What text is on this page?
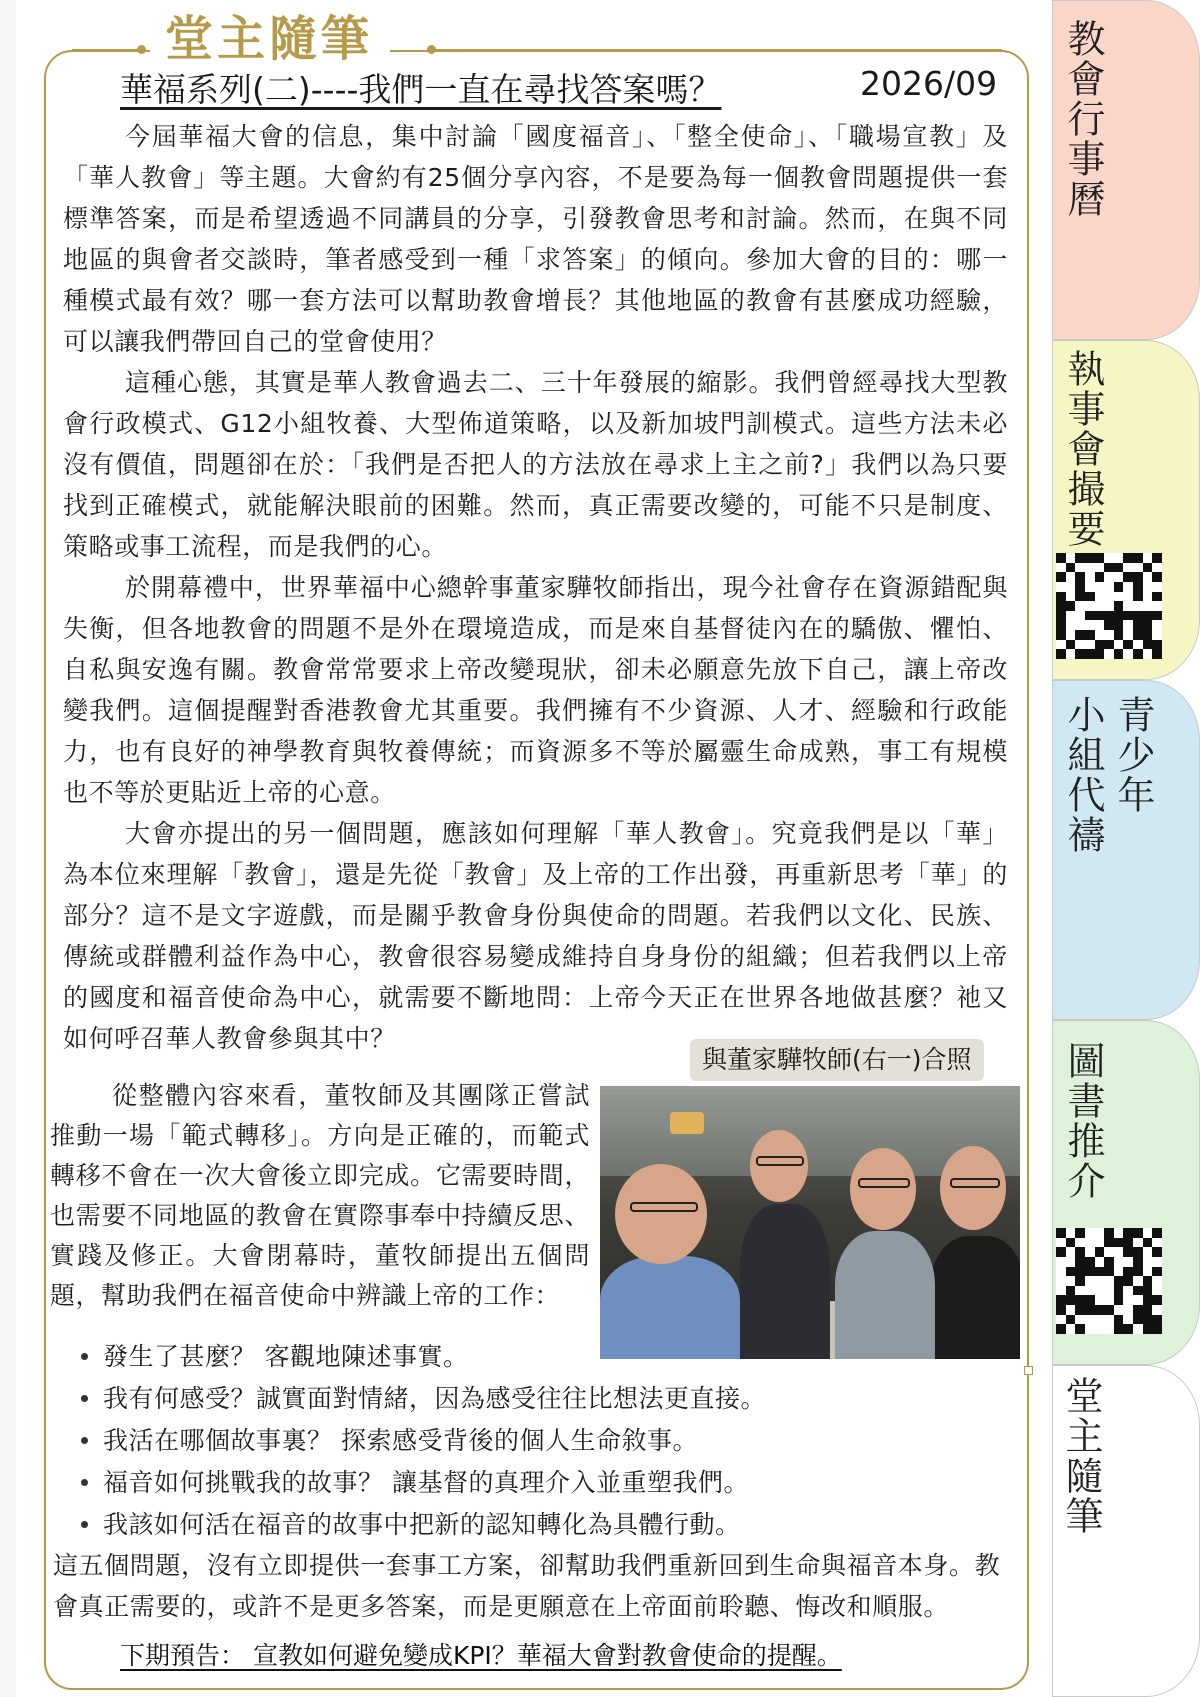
教會行事曆
執事會撮要
青少年
小組代禱
圖書推介
堂主隨筆
堂主隨筆
華福系列(二)----我們一直在尋找答案嗎？	2026/09

今屆華福大會的信息，集中討論「國度福音」、「整全使命」、「職場宣教」及「華人教會」等主題。大會約有25個分享內容，不是要為每一個教會問題提供一套標準答案，而是希望透過不同講員的分享，引發教會思考和討論。然而，在與不同地區的與會者交談時，筆者感受到一種「求答案」的傾向。參加大會的目的：哪一種模式最有效？哪一套方法可以幫助教會增長？其他地區的教會有甚麼成功經驗，可以讓我們帶回自己的堂會使用？

這種心態，其實是華人教會過去二、三十年發展的縮影。我們曾經尋找大型教會行政模式、G12小組牧養、大型佈道策略，以及新加坡門訓模式。這些方法未必沒有價值，問題卻在於：「我們是否把人的方法放在尋求上主之前?」我們以為只要找到正確模式，就能解決眼前的困難。然而，真正需要改變的，可能不只是制度、策略或事工流程，而是我們的心。

於開幕禮中，世界華福中心總幹事董家驊牧師指出，現今社會存在資源錯配與失衡，但各地教會的問題不是外在環境造成，而是來自基督徒內在的驕傲、懼怕、自私與安逸有關。教會常常要求上帝改變現狀，卻未必願意先放下自己，讓上帝改變我們。這個提醒對香港教會尤其重要。我們擁有不少資源、人才、經驗和行政能力，也有良好的神學教育與牧養傳統；而資源多不等於屬靈生命成熟，事工有規模也不等於更貼近上帝的心意。

大會亦提出的另一個問題，應該如何理解「華人教會」。究竟我們是以「華」為本位來理解「教會」，還是先從「教會」及上帝的工作出發，再重新思考「華」的部分？這不是文字遊戲，而是關乎教會身份與使命的問題。若我們以文化、民族、傳統或群體利益作為中心，教會很容易變成維持自身身份的組織；但若我們以上帝的國度和福音使命為中心，就需要不斷地問：上帝今天正在世界各地做甚麼？祂又如何呼召華人教會參與其中？

與董家驊牧師(右一)合照

從整體內容來看，董牧師及其團隊正嘗試推動一場「範式轉移」。方向是正確的，而範式轉移不會在一次大會後立即完成。它需要時間，也需要不同地區的教會在實際事奉中持續反思、實踐及修正。大會閉幕時，董牧師提出五個問題，幫助我們在福音使命中辨識上帝的工作：

發生了甚麼？ 客觀地陳述事實。
我有何感受？誠實面對情緒，因為感受往往比想法更直接。
我活在哪個故事裏？ 探索感受背後的個人生命敘事。
福音如何挑戰我的故事？ 讓基督的真理介入並重塑我們。
我該如何活在福音的故事中把新的認知轉化為具體行動。

這五個問題，沒有立即提供一套事工方案，卻幫助我們重新回到生命與福音本身。教會真正需要的，或許不是更多答案，而是更願意在上帝面前聆聽、悔改和順服。

下期預告： 宣教如何避免變成KPI？華福大會對教會使命的提醒。
